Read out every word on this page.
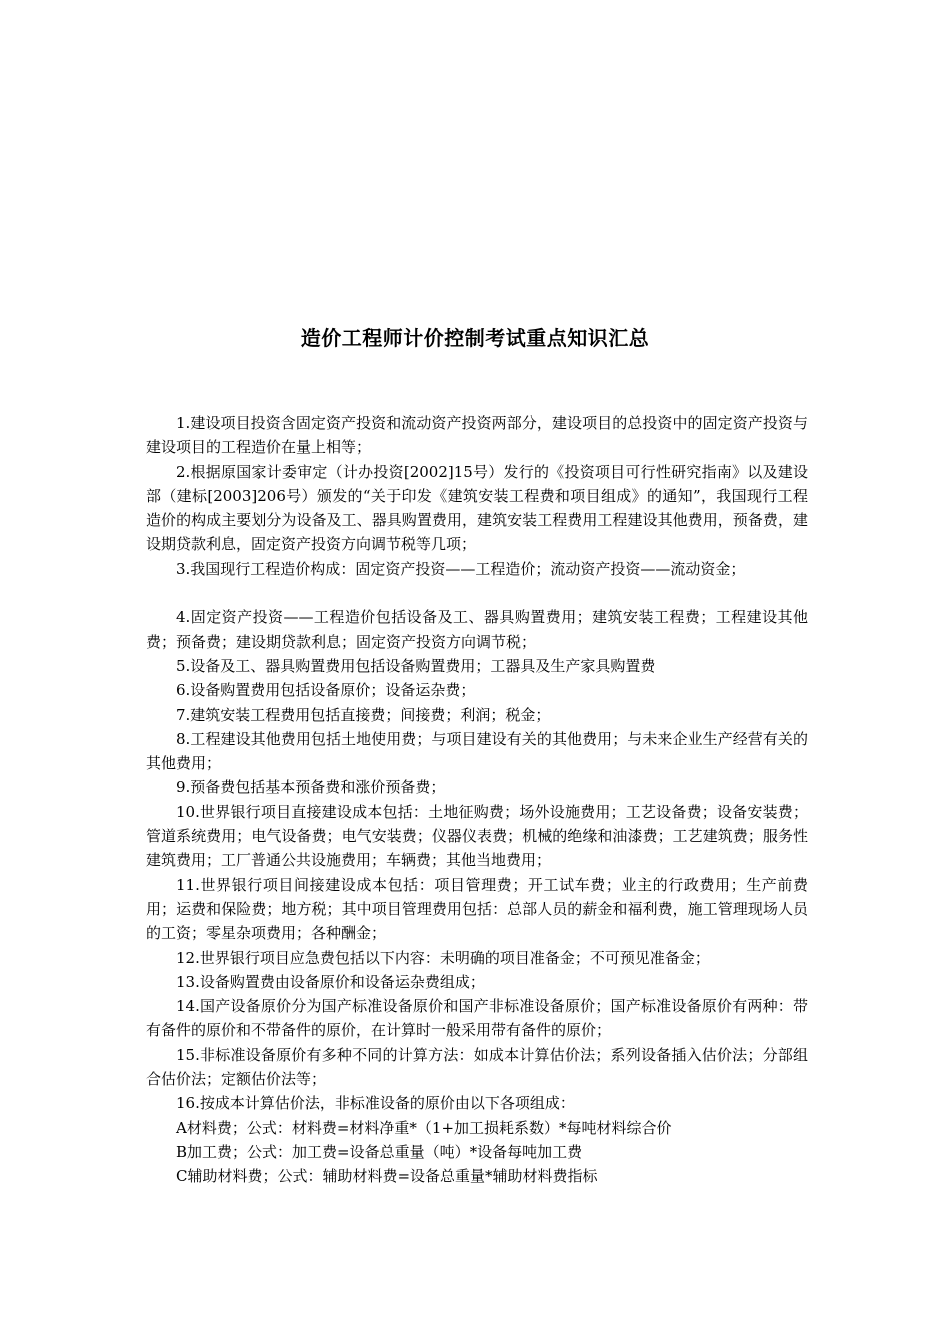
造价工程师计价控制考试重点知识汇总

1.建设项目投资含固定资产投资和流动资产投资两部分，建设项目的总投资中的固定资产投资与建设项目的工程造价在量上相等；

2.根据原国家计委审定（计办投资[2002]15号）发行的《投资项目可行性研究指南》以及建设部（建标[2003]206号）颁发的“关于印发《建筑安装工程费和项目组成》的通知”，我国现行工程造价的构成主要划分为设备及工、器具购置费用，建筑安装工程费用工程建设其他费用，预备费，建设期贷款利息，固定资产投资方向调节税等几项；

3.我国现行工程造价构成：固定资产投资——工程造价；流动资产投资——流动资金；

4.固定资产投资——工程造价包括设备及工、器具购置费用；建筑安装工程费；工程建设其他费；预备费；建设期贷款利息；固定资产投资方向调节税；

5.设备及工、器具购置费用包括设备购置费用；工器具及生产家具购置费

6.设备购置费用包括设备原价；设备运杂费；

7.建筑安装工程费用包括直接费；间接费；利润；税金；

8.工程建设其他费用包括土地使用费；与项目建设有关的其他费用；与未来企业生产经营有关的其他费用；

9.预备费包括基本预备费和涨价预备费；

10.世界银行项目直接建设成本包括：土地征购费；场外设施费用；工艺设备费；设备安装费；管道系统费用；电气设备费；电气安装费；仪器仪表费；机械的绝缘和油漆费；工艺建筑费；服务性建筑费用；工厂普通公共设施费用；车辆费；其他当地费用；

11.世界银行项目间接建设成本包括：项目管理费；开工试车费；业主的行政费用；生产前费用；运费和保险费；地方税；其中项目管理费用包括：总部人员的薪金和福利费，施工管理现场人员的工资；零星杂项费用；各种酬金；

12.世界银行项目应急费包括以下内容：未明确的项目准备金；不可预见准备金；

13.设备购置费由设备原价和设备运杂费组成；

14.国产设备原价分为国产标准设备原价和国产非标准设备原价；国产标准设备原价有两种：带有备件的原价和不带备件的原价，在计算时一般采用带有备件的原价；

15.非标准设备原价有多种不同的计算方法：如成本计算估价法；系列设备插入估价法；分部组合估价法；定额估价法等；

16.按成本计算估价法，非标准设备的原价由以下各项组成：

A材料费；公式：材料费=材料净重*（1+加工损耗系数）*每吨材料综合价

B加工费；公式：加工费=设备总重量（吨）*设备每吨加工费

C辅助材料费；公式：辅助材料费=设备总重量*辅助材料费指标
